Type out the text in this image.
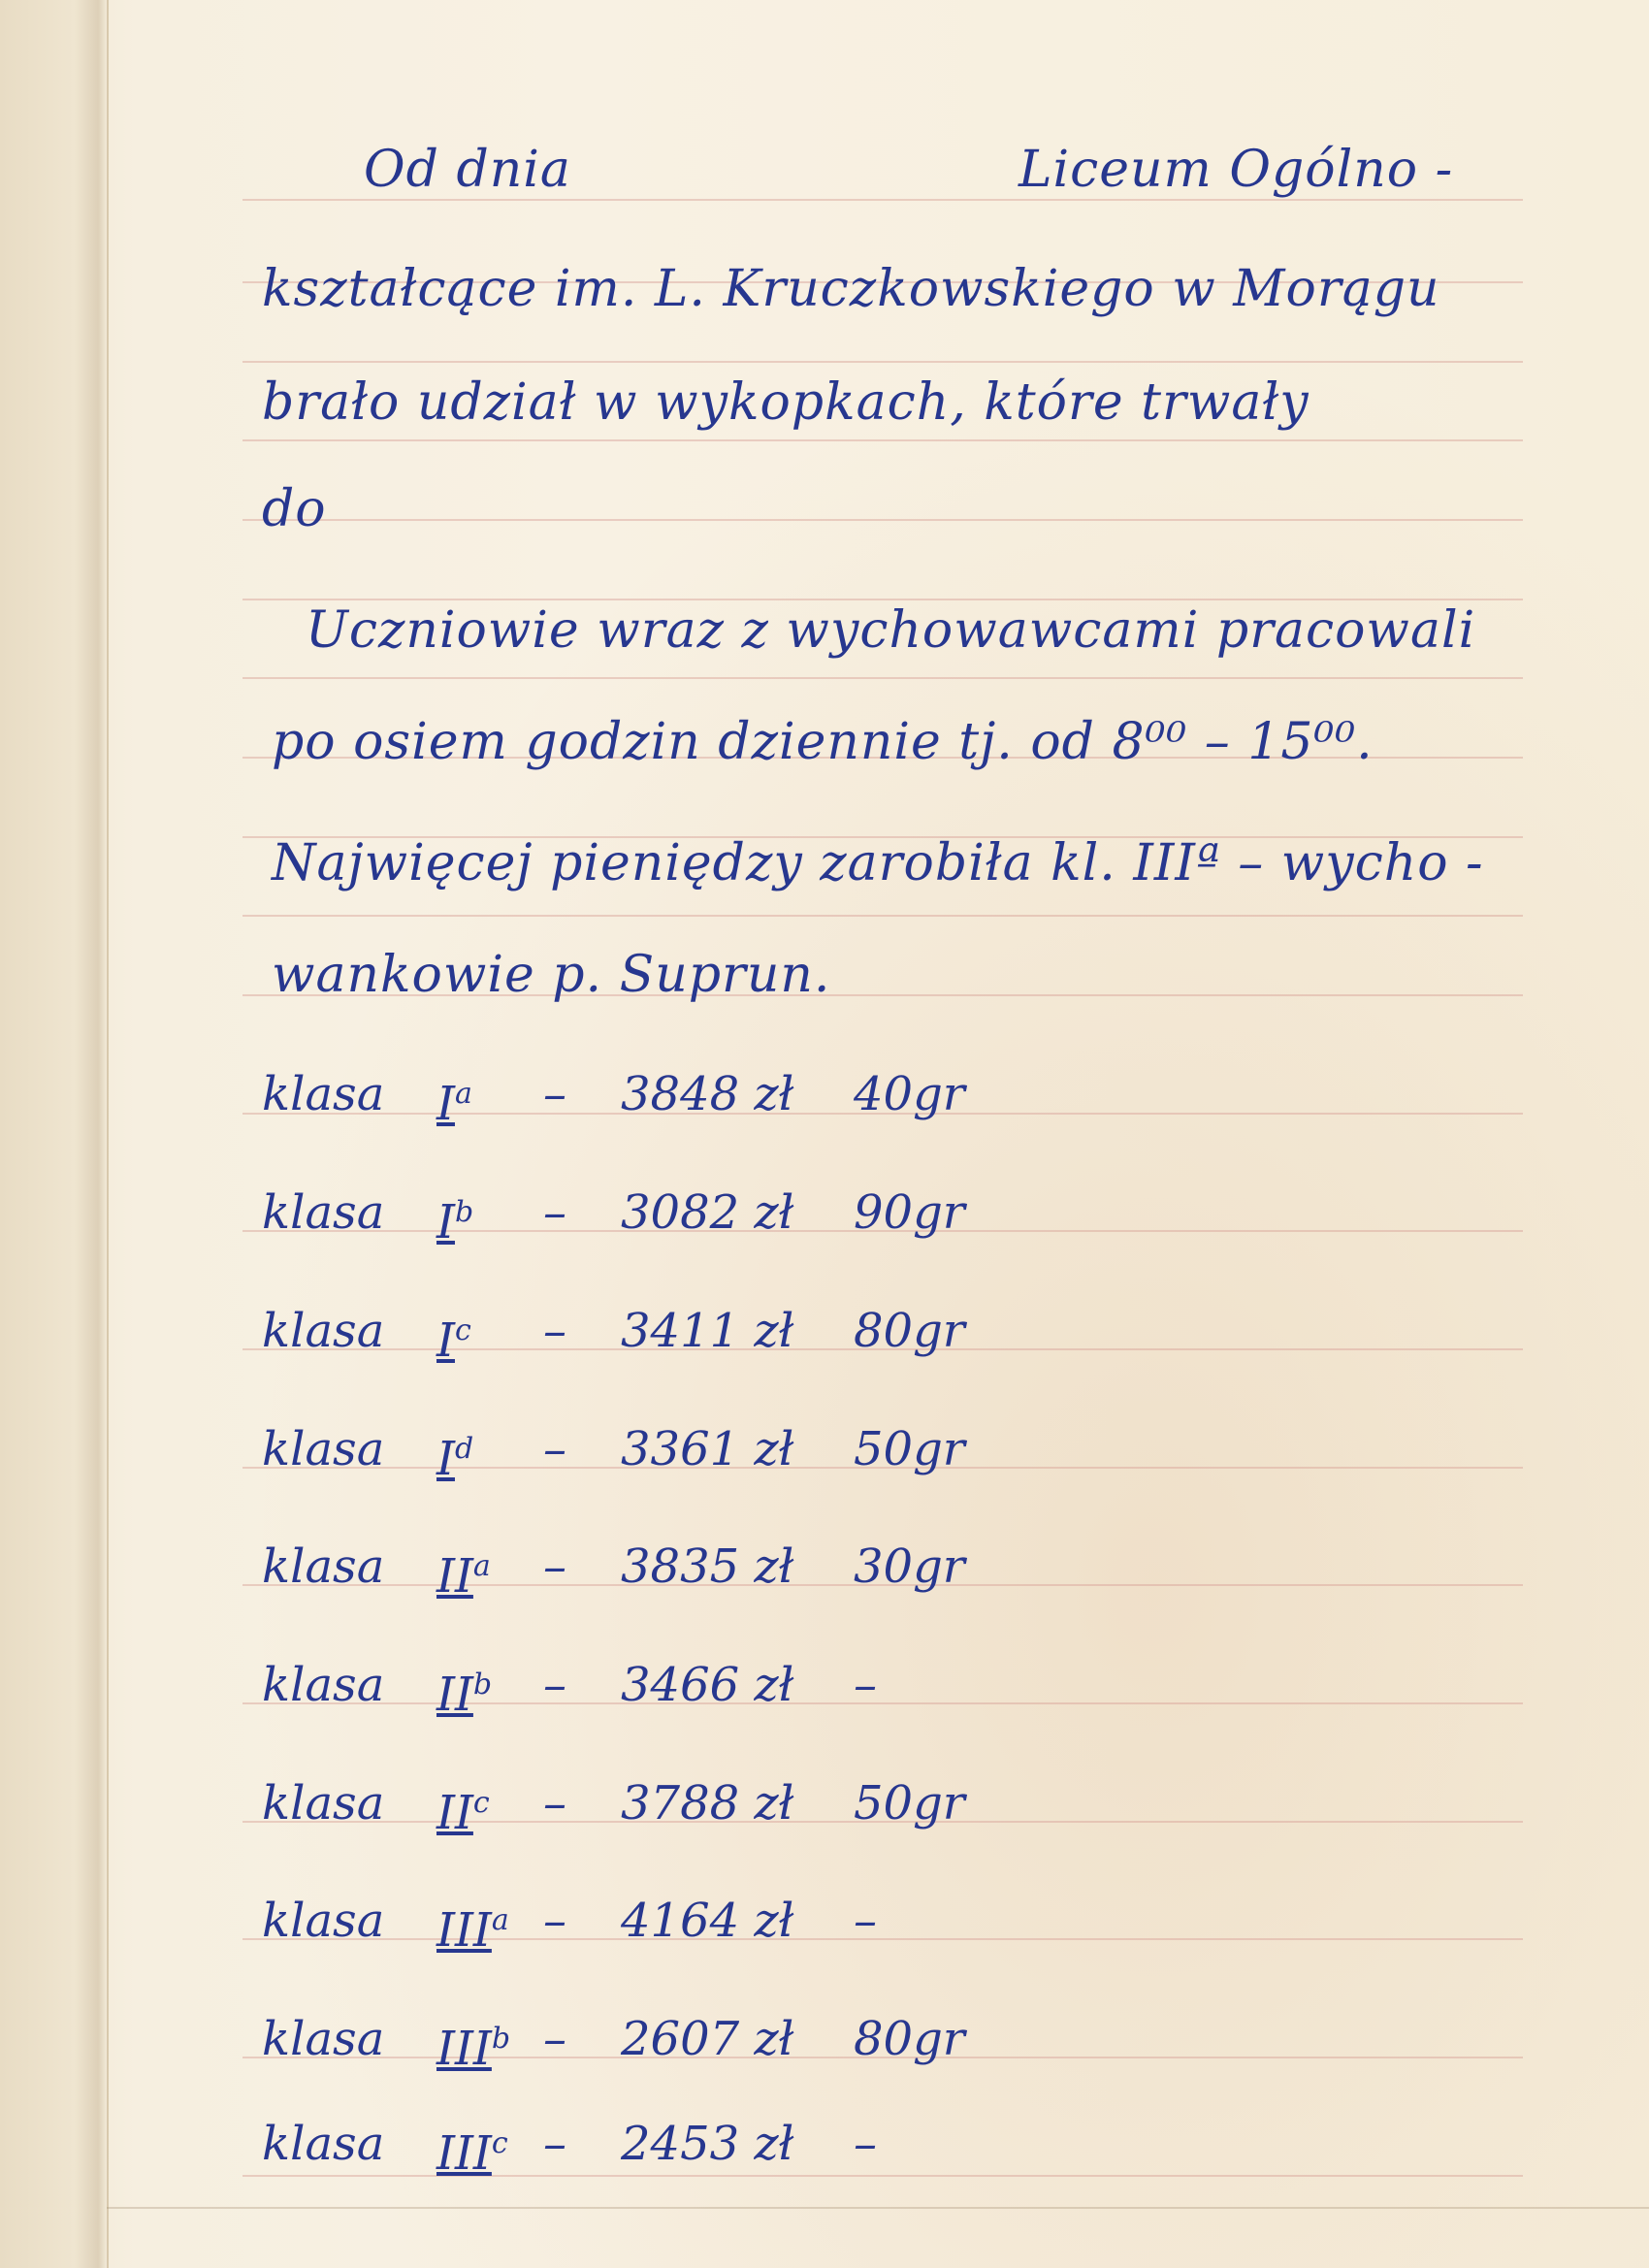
Od dnia	Liceum Ogólno -
kształcące im. L. Kruczkowskiego w Morągu
brało udział w wykopkach, które trwały
do
Uczniowie wraz z wychowawcami pracowali
po osiem godzin dziennie tj. od 8⁰⁰ – 15⁰⁰.
Najwięcej pieniędzy zarobiła kl. IIIª – wycho -
wankowie p. Suprun.
klasa $I^a - 3848$ zł 40gr
klasa $I^b - 3082$ zł 90gr
klasa $I^c - 3411$ zł 80gr
klasa $I^d - 3361$ zł 50gr
klasa $II^a - 3835$ zł 30gr
klasa $II^b - 3466$ zł –
klasa $II^c - 3788$ zł 50gr
klasa III$^a$ – 4164 zł –
klasa III$^b$ – 2607 zł 80gr
klasa III$^c$ – 2453 zł –
